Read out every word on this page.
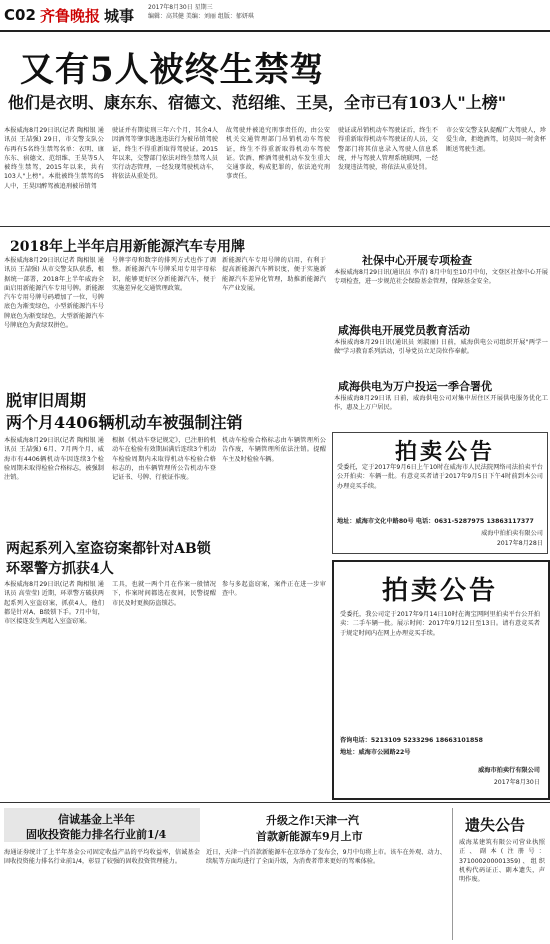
C02 齐鲁晚报 城事 2017年8月30日 星期三
编辑：高其健 美编：刘丽 组版：郁妍琪
又有5人被终生禁驾
他们是衣明、康东东、宿德文、范绍维、王昊，全市已有103人"上榜"
本报威海8月29日讯(记者 陶相银 通讯员 王喆强) 29日，市交警支队公布再有5名终生禁驾名单：衣明、康东东、宿德文、范绍维、王昊等5人被终生禁驾，2015年以来，共有103人"上榜"。本批被终生禁驾的5人中，王昊因醉驾被追刑被吊销驾
驶证并有期徒刑三年六个月，其余4人因酒驾等肇事逃逸违法行为被吊销驾驶证，终生不得重新取得驾驶证。2015年以来，交警部门依法对终生禁驾人员实行动态管理，一经发现驾驶机动车，将依法从重处罚。
故驾驶并被追究刑事责任的，由公安机关交通管理部门吊销机动车驾驶证，终生不得重新取得机动车驾驶证。饮酒、醉酒驾驶机动车发生重大交通事故，构成犯罪的，依法追究刑事责任。
驶证或吊销机动车驾驶证后，终生不得重新取得机动车驾驶证的人员，交警部门将其信息录入驾驶人信息系统，并与驾驶人管理系统联网，一经发现违法驾驶，将依法从重处罚。
市公安交警支队提醒广大驾驶人，珍爱生命，拒绝酒驾，切莫因一时贪杯断送驾驶生涯。
2018年上半年启用新能源汽车专用牌
本报威海8月29日讯(记者 陶相银 通讯员 王喆强) 从市交警支队获悉，根据统一部署，2018年上半年威海全面启用新能源汽车专用号牌。新能源汽车专用号牌号码增加了一位，号牌底色为渐变绿色，小型新能源汽车号牌底色为渐变绿色，大型新能源汽车号牌底色为黄绿双拼色。
号牌字母和数字的排列方式也作了调整。新能源汽车号牌采用专用字母标识，能够更好区分新能源汽车，便于实施差异化交通管理政策。
新能源汽车专用号牌的启用，有利于提高新能源汽车辨识度，便于实施新能源汽车差异化管理，助推新能源汽车产业发展。
社保中心开展专项检查
本报威海8月29日讯(通讯员 李青) 8月中旬至10月中旬，文登区社保中心开展专项检查，进一步规范社会保险基金管理，保障基金安全。
咸海供电开展党员教育活动
本报威海8月29日讯(通讯员 刘淑丽) 日前，威海供电公司组织开展"两学一做"学习教育系列活动，引导党员立足岗位作奉献。
咸海供电为万户投运一季合署优
本报威海8月29日讯 日前，威海供电公司对集中居住区开展供电服务优化工作，惠及上万户居民。
脱审旧周期
两个月4406辆机动车被强制注销
本报威海8月29日讯(记者 陶相银 通讯员 王喆强) 6月、7月两个月，威海市有4406辆机动车因连续3个检验周期未取得检验合格标志，被强制注销。
根据《机动车登记规定》，已注册的机动车在检验有效期届满后连续3个机动车检验周期内未取得机动车检验合格标志的，由车辆管理所公告机动车登记证书、号牌、行驶证作废。
机动车检验合格标志由车辆管理所公告作废，车辆管理所依法注销。提醒车主及时检验车辆。	拍卖公告
受委托，定于2017年9月6日上午10时在威海市人民法院网络司法拍卖平台公开拍卖：车辆一批。有意竞买者请于2017年9月5日下午4时前到本公司办理竞买手续。
地址：威海市文化中路80号 电话：0631-5287975 13863117377
威海中拍拍卖有限公司
2017年8月28日
两起系列入室盗窃案都针对AB锁
环翠警方抓获4人
本报威海8月29日讯(记者 陶相银 通讯员 高莹莹) 近期，环翠警方破获两起系列入室盗窃案，抓获4人，他们都是针对A、B级锁下手。7月中旬，市区接连发生两起入室盗窃案。
工具，也就一两个月在作案一般情况下，作案时间都选在夜间，民警提醒市民及时更换防盗锁芯。
参与多起盗窃案，案件正在进一步审查中。	拍卖公告
受委托，我公司定于2017年9月14日10时在淘宝网阿里拍卖平台公开拍卖：二手车辆一批。展示时间：2017年9月12日至13日。请有意竞买者于规定时间内在网上办理竞买手续。
咨询电话：5213109 5233296 18663101858
地址：威海市公园路22号
威海市拍卖行有限公司
2017年8月30日
信诚基金上半年
固收投资能力排名行业前1/4
海通证券统计了上半年基金公司固定收益产品的平均收益率，信诚基金固收投资能力排名行业前1/4，彰显了较强的固收投资管理能力。
升级之作!天津一汽
首款新能源车9月上市
近日，天津一汽首款新能源车在京举办了发布会，9月中旬将上市。该车在外观、动力、续航等方面均进行了全面升级，为消费者带来更好的驾乘体验。
遗失公告
威海某建筑有限公司营业执照正、副本(注册号：371000200001359)、组织机构代码证正、副本遗失，声明作废。
